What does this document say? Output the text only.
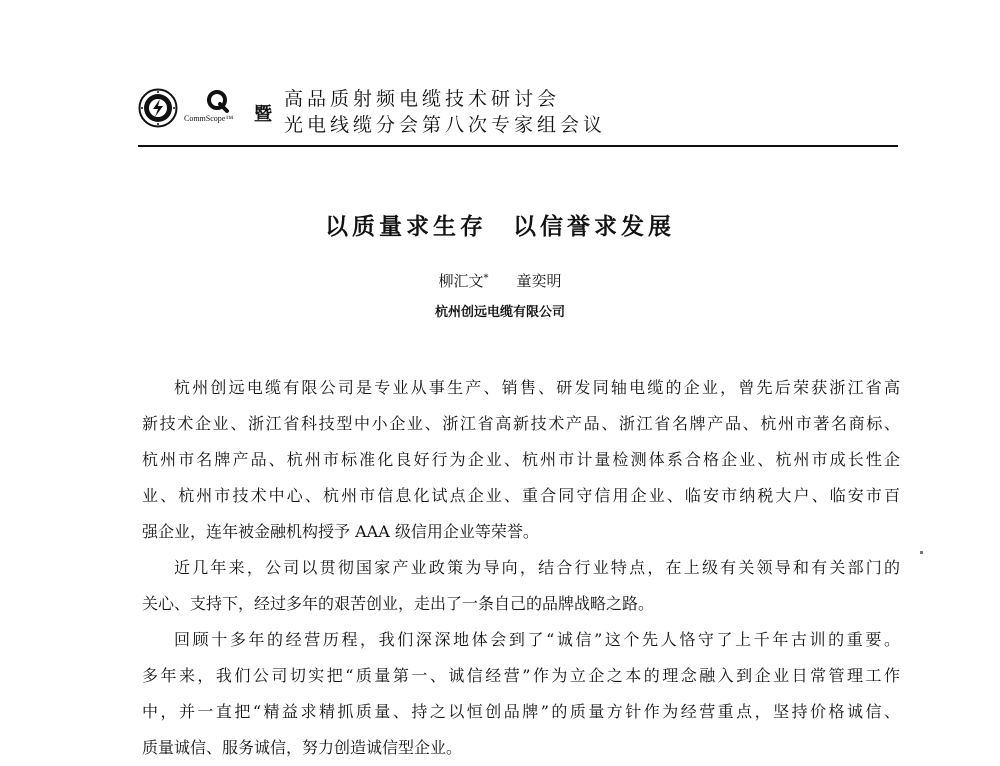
CommScope™ 暨
高品质射频电缆技术研讨会
光电线缆分会第八次专家组会议
以质量求生存 以信誉求发展
柳汇文* 童奕明
杭州创远电缆有限公司
杭州创远电缆有限公司是专业从事生产、销售、研发同轴电缆的企业，曾先后荣获浙江省高
新技术企业、浙江省科技型中小企业、浙江省高新技术产品、浙江省名牌产品、杭州市著名商标、
杭州市名牌产品、杭州市标准化良好行为企业、杭州市计量检测体系合格企业、杭州市成长性企
业、杭州市技术中心、杭州市信息化试点企业、重合同守信用企业、临安市纳税大户、临安市百
强企业，连年被金融机构授予 AAA 级信用企业等荣誉。
近几年来，公司以贯彻国家产业政策为导向，结合行业特点，在上级有关领导和有关部门的
关心、支持下，经过多年的艰苦创业，走出了一条自己的品牌战略之路。
回顾十多年的经营历程，我们深深地体会到了“诚信”这个先人恪守了上千年古训的重要。
多年来，我们公司切实把“质量第一、诚信经营”作为立企之本的理念融入到企业日常管理工作
中，并一直把“精益求精抓质量、持之以恒创品牌”的质量方针作为经营重点，坚持价格诚信、
质量诚信、服务诚信，努力创造诚信型企业。
